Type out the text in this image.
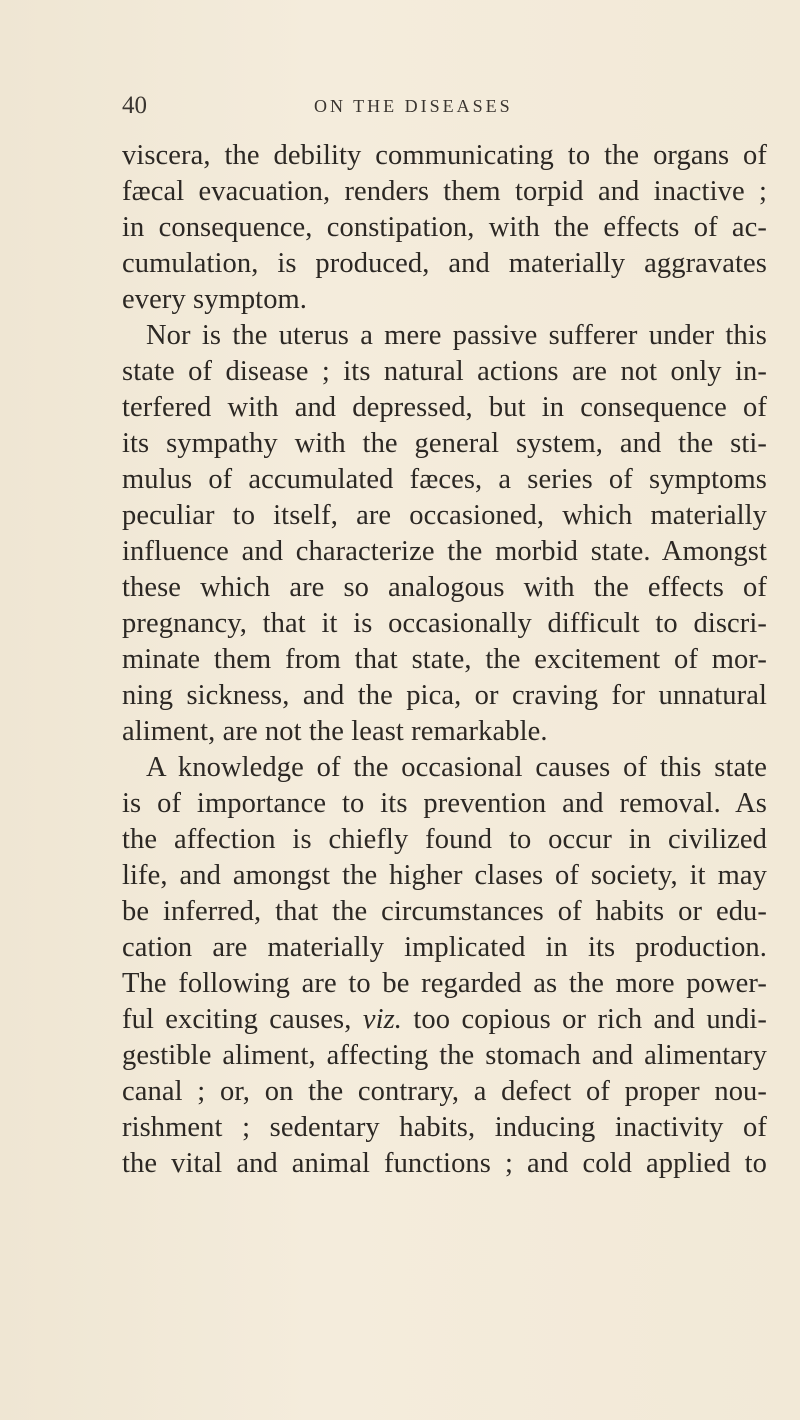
40	ON THE DISEASES
viscera, the debility communicating to the organs of
fæcal evacuation, renders them torpid and inactive ;
in consequence, constipation, with the effects of ac-
cumulation, is produced, and materially aggravates
every symptom.
Nor is the uterus a mere passive sufferer under this
state of disease ; its natural actions are not only in-
terfered with and depressed, but in consequence of
its sympathy with the general system, and the sti-
mulus of accumulated fæces, a series of symptoms
peculiar to itself, are occasioned, which materially
influence and characterize the morbid state. Amongst
these which are so analogous with the effects of
pregnancy, that it is occasionally difficult to discri-
minate them from that state, the excitement of mor-
ning sickness, and the pica, or craving for unnatural
aliment, are not the least remarkable.
A knowledge of the occasional causes of this state
is of importance to its prevention and removal. As
the affection is chiefly found to occur in civilized
life, and amongst the higher clases of society, it may
be inferred, that the circumstances of habits or edu-
cation are materially implicated in its production.
The following are to be regarded as the more power-
ful exciting causes, viz. too copious or rich and undi-
gestible aliment, affecting the stomach and alimentary
canal ; or, on the contrary, a defect of proper nou-
rishment ; sedentary habits, inducing inactivity of
the vital and animal functions ; and cold applied to
